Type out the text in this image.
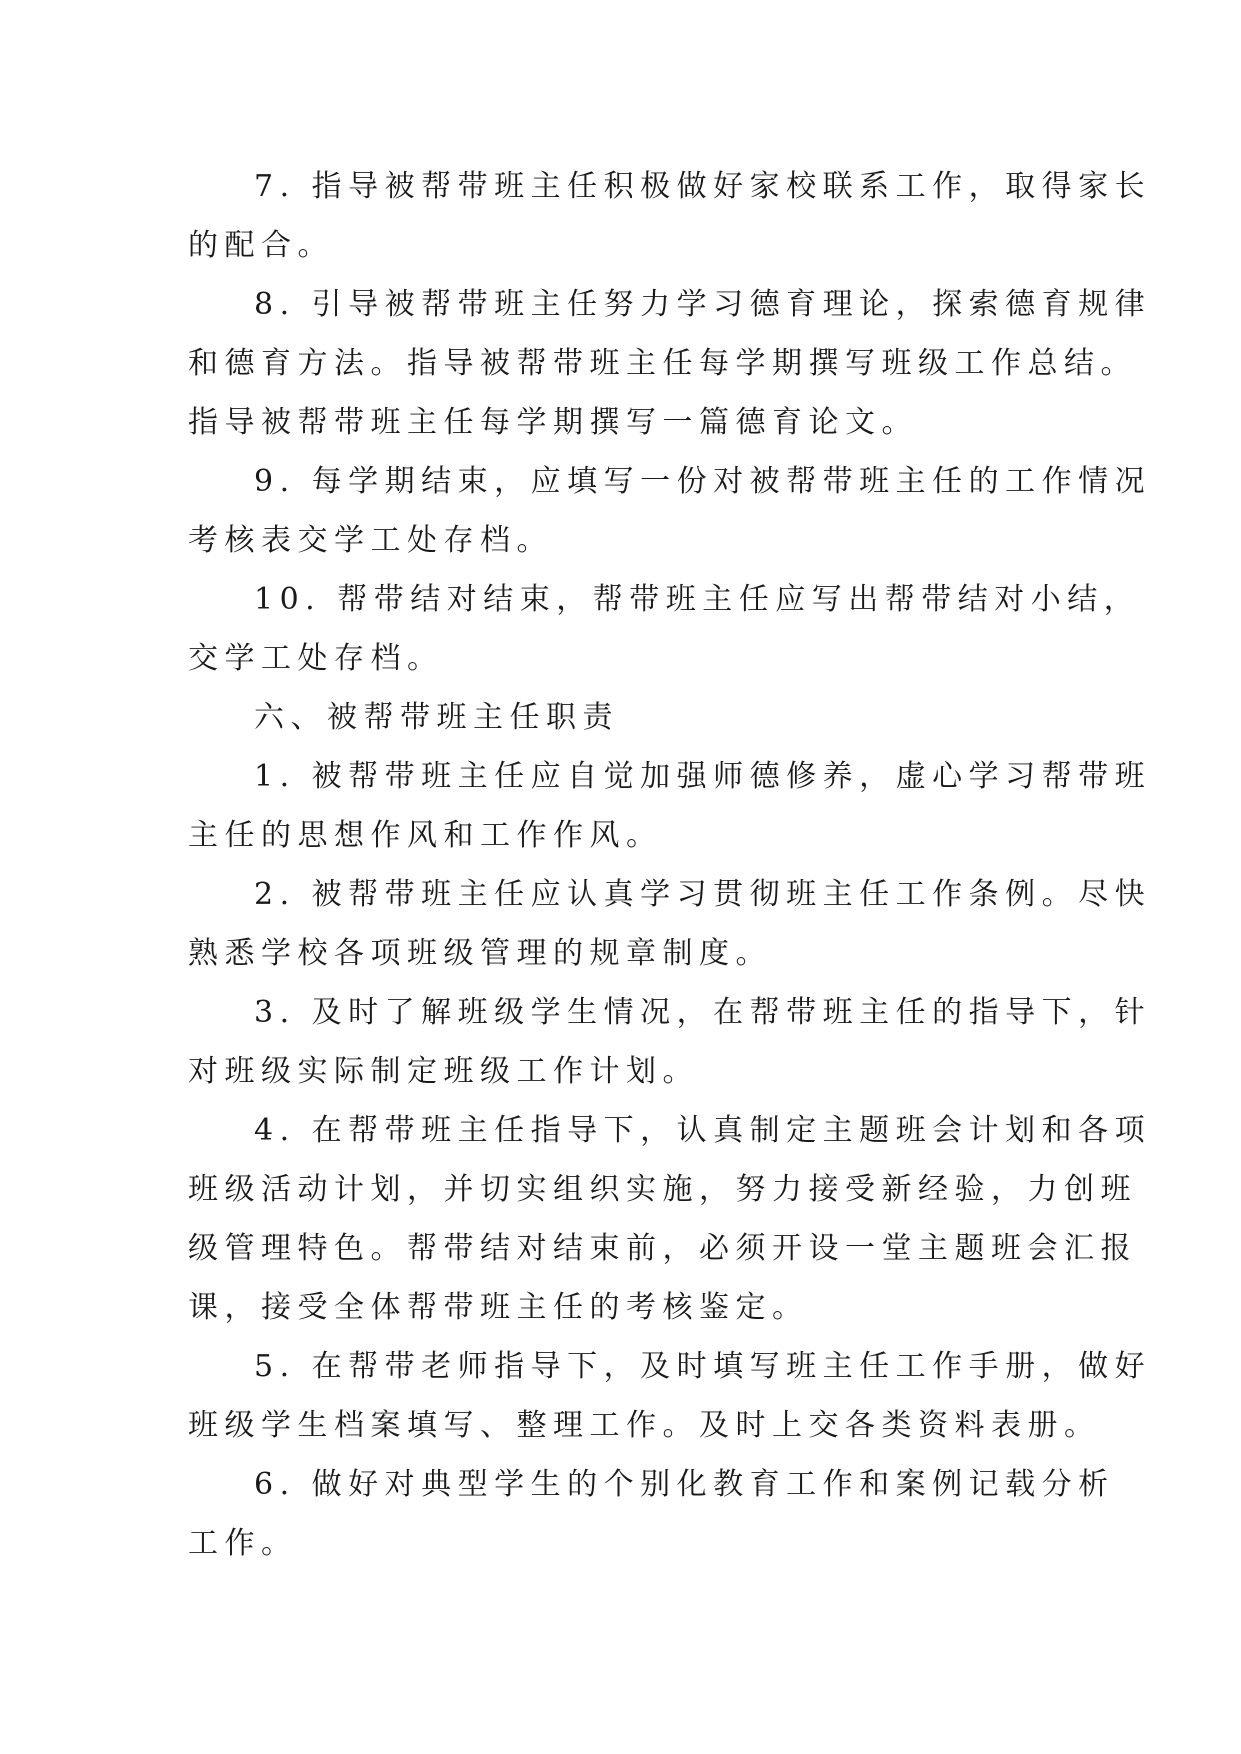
7. 指导被帮带班主任积极做好家校联系工作，取得家长
的配合。

8. 引导被帮带班主任努力学习德育理论，探索德育规律
和德育方法。指导被帮带班主任每学期撰写班级工作总结。
指导被帮带班主任每学期撰写一篇德育论文。

9. 每学期结束，应填写一份对被帮带班主任的工作情况
考核表交学工处存档。

10. 帮带结对结束，帮带班主任应写出帮带结对小结，
交学工处存档。

六、被帮带班主任职责

1. 被帮带班主任应自觉加强师德修养，虚心学习帮带班
主任的思想作风和工作作风。

2. 被帮带班主任应认真学习贯彻班主任工作条例。尽快
熟悉学校各项班级管理的规章制度。

3. 及时了解班级学生情况，在帮带班主任的指导下，针
对班级实际制定班级工作计划。

4. 在帮带班主任指导下，认真制定主题班会计划和各项
班级活动计划，并切实组织实施，努力接受新经验，力创班
级管理特色。帮带结对结束前，必须开设一堂主题班会汇报
课，接受全体帮带班主任的考核鉴定。

5. 在帮带老师指导下，及时填写班主任工作手册，做好
班级学生档案填写、整理工作。及时上交各类资料表册。

6. 做好对典型学生的个别化教育工作和案例记载分析
工作。
